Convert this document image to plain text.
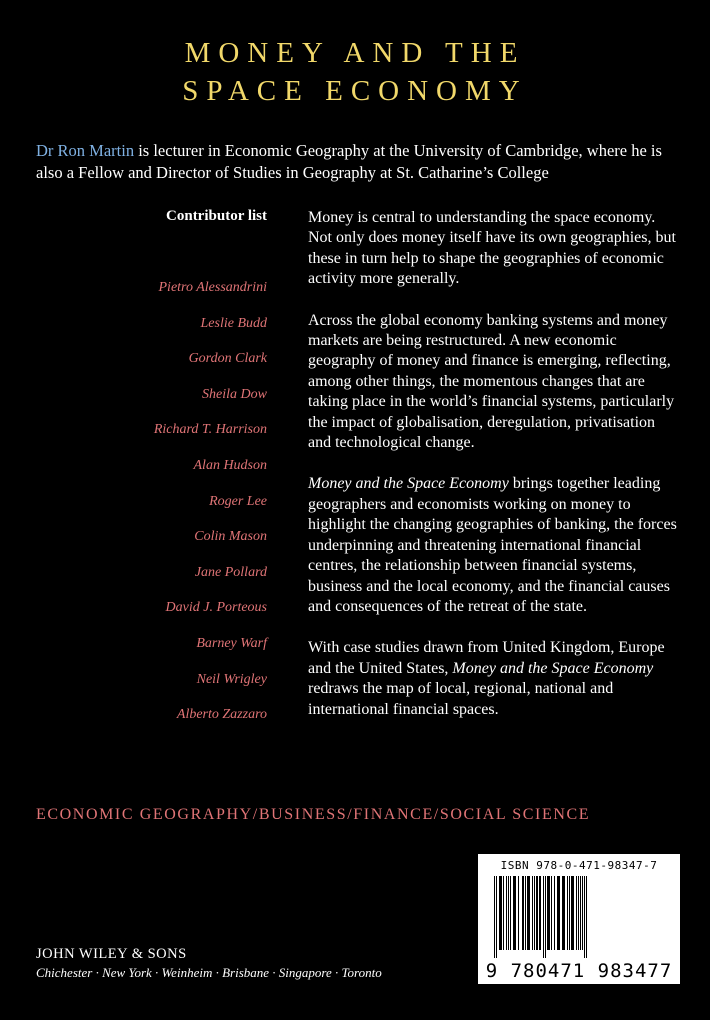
MONEY AND THE
SPACE ECONOMY
Dr Ron Martin is lecturer in Economic Geography at the University of Cambridge, where he is also a Fellow and Director of Studies in Geography at St. Catharine’s College
Contributor list
Pietro Alessandrini
Leslie Budd
Gordon Clark
Sheila Dow
Richard T. Harrison
Alan Hudson
Roger Lee
Colin Mason
Jane Pollard
David J. Porteous
Barney Warf
Neil Wrigley
Alberto Zazzaro

Money is central to understanding the space economy. Not only does money itself have its own geographies, but these in turn help to shape the geographies of economic activity more generally.

Across the global economy banking systems and money markets are being restructured. A new economic geography of money and finance is emerging, reflecting, among other things, the momentous changes that are taking place in the world’s financial systems, particularly the impact of globalisation, deregulation, privatisation and technological change.

Money and the Space Economy brings together leading geographers and economists working on money to highlight the changing geographies of banking, the forces underpinning and threatening international financial centres, the relationship between financial systems, business and the local economy, and the financial causes and consequences of the retreat of the state.

With case studies drawn from United Kingdom, Europe and the United States, Money and the Space Economy redraws the map of local, regional, national and international financial spaces.

ECONOMIC GEOGRAPHY/BUSINESS/FINANCE/SOCIAL SCIENCE
ISBN 978-0-471-98347-7
9 780471 983477
JOHN WILEY & SONS
Chichester · New York · Weinheim · Brisbane · Singapore · Toronto
